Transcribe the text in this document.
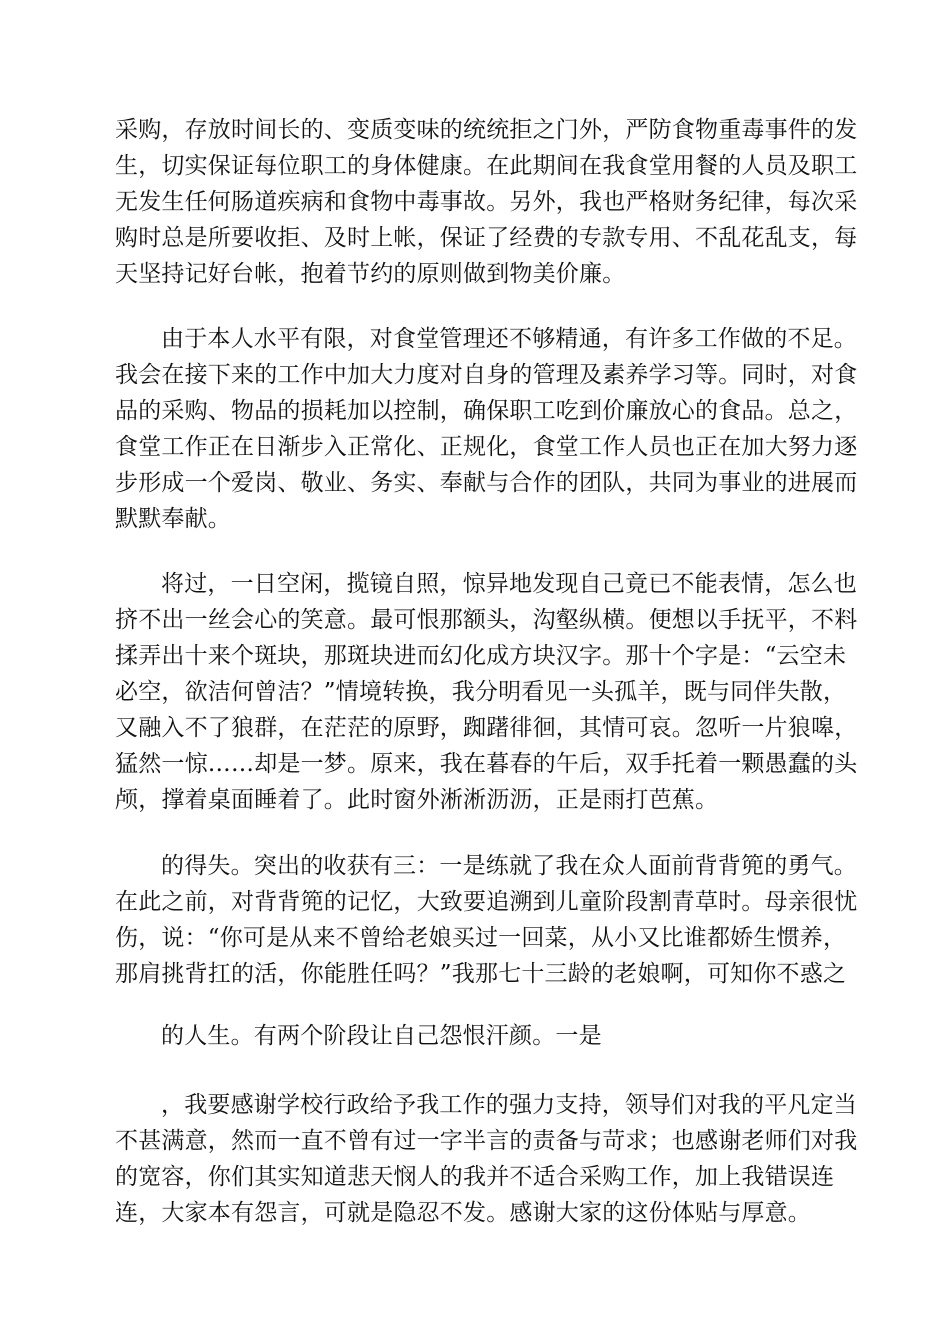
采购，存放时间长的、变质变味的统统拒之门外，严防食物重毒事件的发
生，切实保证每位职工的身体健康。在此期间在我食堂用餐的人员及职工
无发生任何肠道疾病和食物中毒事故。另外，我也严格财务纪律，每次采
购时总是所要收拒、及时上帐，保证了经费的专款专用、不乱花乱支，每
天坚持记好台帐，抱着节约的原则做到物美价廉。
由于本人水平有限，对食堂管理还不够精通，有许多工作做的不足。
我会在接下来的工作中加大力度对自身的管理及素养学习等。同时，对食
品的采购、物品的损耗加以控制，确保职工吃到价廉放心的食品。总之，
食堂工作正在日渐步入正常化、正规化，食堂工作人员也正在加大努力逐
步形成一个爱岗、敬业、务实、奉献与合作的团队，共同为事业的进展而
默默奉献。
将过，一日空闲，揽镜自照，惊异地发现自己竟已不能表情，怎么也
挤不出一丝会心的笑意。最可恨那额头，沟壑纵横。便想以手抚平，不料
揉弄出十来个斑块，那斑块进而幻化成方块汉字。那十个字是：“云空未
必空，欲洁何曾洁？”情境转换，我分明看见一头孤羊，既与同伴失散，
又融入不了狼群，在茫茫的原野，踟躇徘徊，其情可哀。忽听一片狼嗥，
猛然一惊……却是一梦。原来，我在暮春的午后，双手托着一颗愚蠢的头
颅，撑着桌面睡着了。此时窗外淅淅沥沥，正是雨打芭蕉。
的得失。突出的收获有三：一是练就了我在众人面前背背篼的勇气。
在此之前，对背背篼的记忆，大致要追溯到儿童阶段割青草时。母亲很忧
伤，说：“你可是从来不曾给老娘买过一回菜，从小又比谁都娇生惯养，
那肩挑背扛的活，你能胜任吗？”我那七十三龄的老娘啊，可知你不惑之
的人生。有两个阶段让自己怨恨汗颜。一是
，我要感谢学校行政给予我工作的强力支持，领导们对我的平凡定当
不甚满意，然而一直不曾有过一字半言的责备与苛求；也感谢老师们对我
的宽容，你们其实知道悲天悯人的我并不适合采购工作，加上我错误连
连，大家本有怨言，可就是隐忍不发。感谢大家的这份体贴与厚意。
